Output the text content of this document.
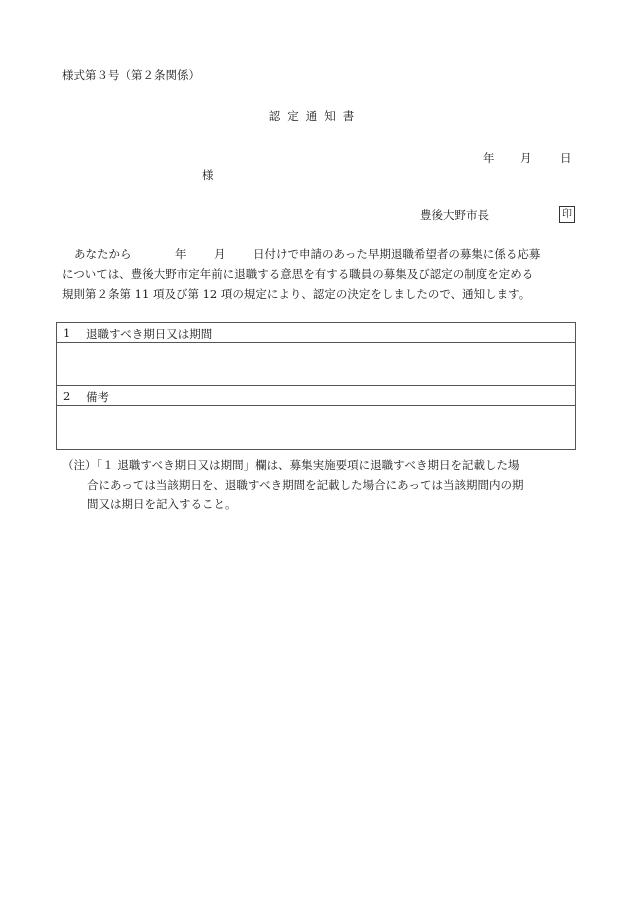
様式第３号（第２条関係）
認定通知書
年 月 日
様
豊後大野市長	印
あなたから	年 月 日付けで申請のあった早期退職希望者の募集に係る応募
については、豊後大野市定年前に退職する意思を有する職員の募集及び認定の制度を定める
規則第２条第 11 項及び第 12 項の規定により、認定の決定をしましたので、通知します。
1 退職すべき期日又は期間
2 備考
（注）「１ 退職すべき期日又は期間」欄は、募集実施要項に退職すべき期日を記載した場
合にあっては当該期日を、退職すべき期間を記載した場合にあっては当該期間内の期
間又は期日を記入すること。
